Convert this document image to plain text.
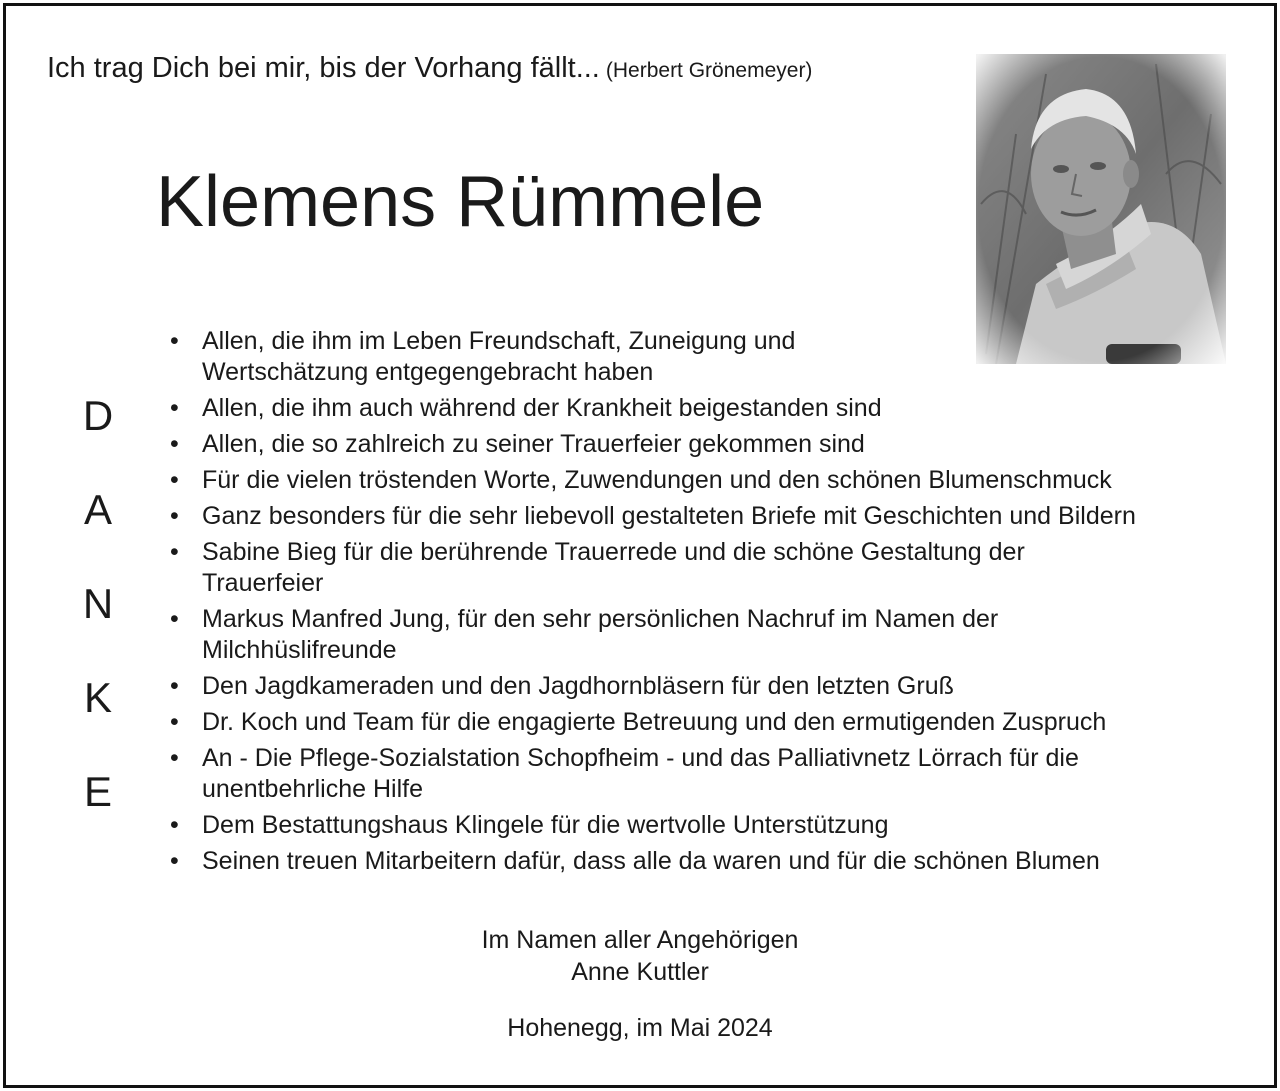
Ich trag Dich bei mir, bis der Vorhang fällt... (Herbert Grönemeyer)
Klemens Rümmele
D
A
N
K
E
• Allen, die ihm im Leben Freundschaft, Zuneigung und
Wertschätzung entgegengebracht haben
• Allen, die ihm auch während der Krankheit beigestanden sind
• Allen, die so zahlreich zu seiner Trauerfeier gekommen sind
• Für die vielen tröstenden Worte, Zuwendungen und den schönen Blumenschmuck
• Ganz besonders für die sehr liebevoll gestalteten Briefe mit Geschichten und Bildern
• Sabine Bieg für die berührende Trauerrede und die schöne Gestaltung der
Trauerfeier
• Markus Manfred Jung, für den sehr persönlichen Nachruf im Namen der
Milchhüslifreunde
• Den Jagdkameraden und den Jagdhornbläsern für den letzten Gruß
• Dr. Koch und Team für die engagierte Betreuung und den ermutigenden Zuspruch
• An - Die Pflege-Sozialstation Schopfheim - und das Palliativnetz Lörrach für die
unentbehrliche Hilfe
• Dem Bestattungshaus Klingele für die wertvolle Unterstützung
• Seinen treuen Mitarbeitern dafür, dass alle da waren und für die schönen Blumen
Im Namen aller Angehörigen
Anne Kuttler
Hohenegg, im Mai 2024
